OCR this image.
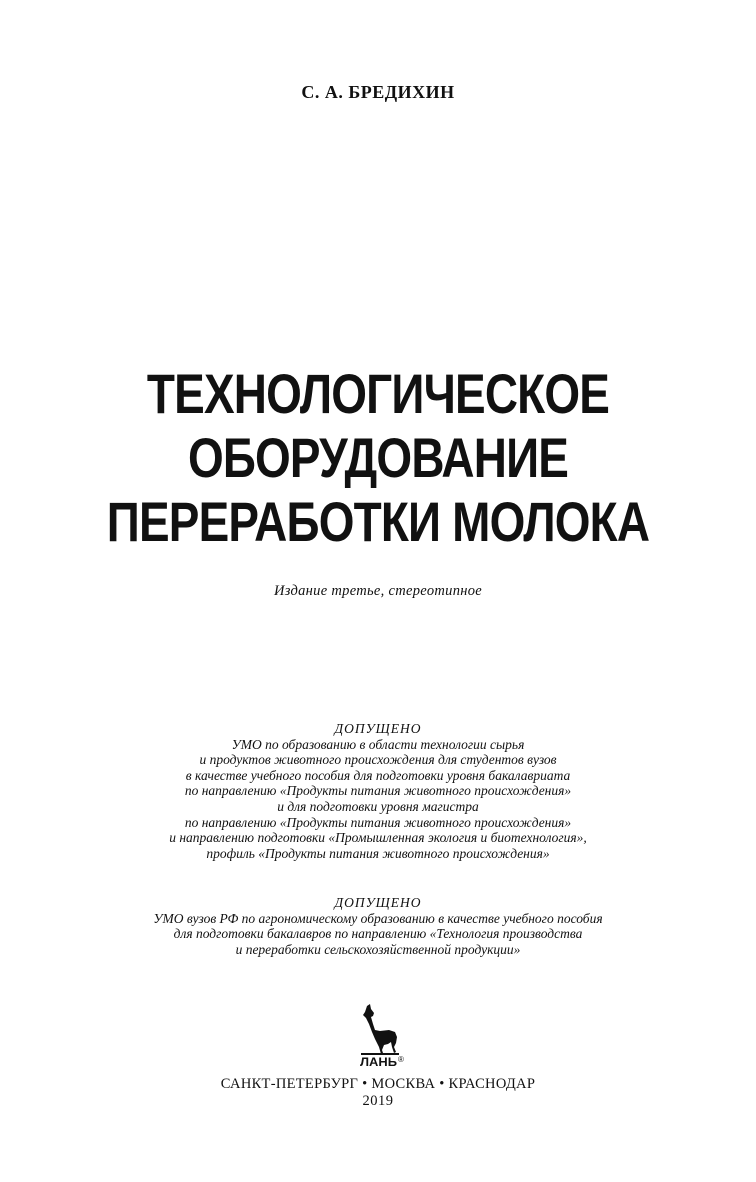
С. А. БРЕДИХИН
ТЕХНОЛОГИЧЕСКОЕ
ОБОРУДОВАНИЕ
ПЕРЕРАБОТКИ МОЛОКА
Издание третье, стереотипное
ДОПУЩЕНО
УМО по образованию в области технологии сырья
и продуктов животного происхождения для студентов вузов
в качестве учебного пособия для подготовки уровня бакалавриата
по направлению «Продукты питания животного происхождения»
и для подготовки уровня магистра
по направлению «Продукты питания животного происхождения»
и направлению подготовки «Промышленная экология и биотехнология»,
профиль «Продукты питания животного происхождения»
ДОПУЩЕНО
УМО вузов РФ по агрономическому образованию в качестве учебного пособия
для подготовки бакалавров по направлению «Технология производства
и переработки сельскохозяйственной продукции»
ЛАНЬ ®
САНКТ-ПЕТЕРБУРГ • МОСКВА • КРАСНОДАР
2019
